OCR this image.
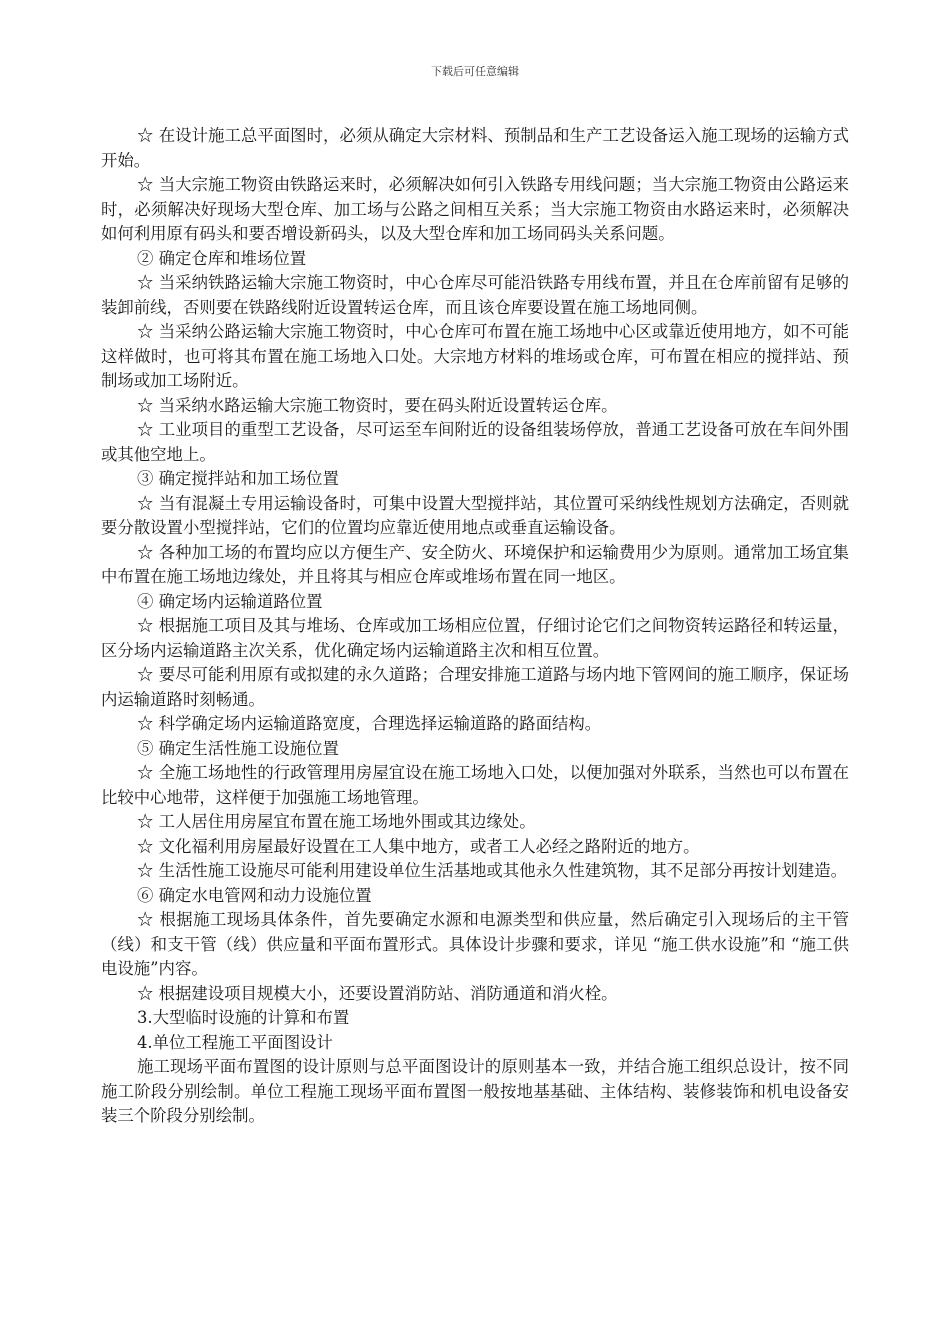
下载后可任意编辑

☆ 在设计施工总平面图时，必须从确定大宗材料、预制品和生产工艺设备运入施工现场的运输方式开始。

☆ 当大宗施工物资由铁路运来时，必须解决如何引入铁路专用线问题；当大宗施工物资由公路运来时，必须解决好现场大型仓库、加工场与公路之间相互关系；当大宗施工物资由水路运来时，必须解决如何利用原有码头和要否增设新码头，以及大型仓库和加工场同码头关系问题。

② 确定仓库和堆场位置

☆ 当采纳铁路运输大宗施工物资时，中心仓库尽可能沿铁路专用线布置，并且在仓库前留有足够的装卸前线，否则要在铁路线附近设置转运仓库，而且该仓库要设置在施工场地同侧。

☆ 当采纳公路运输大宗施工物资时，中心仓库可布置在施工场地中心区或靠近使用地方，如不可能这样做时，也可将其布置在施工场地入口处。大宗地方材料的堆场或仓库，可布置在相应的搅拌站、预制场或加工场附近。

☆ 当采纳水路运输大宗施工物资时，要在码头附近设置转运仓库。

☆ 工业项目的重型工艺设备，尽可运至车间附近的设备组装场停放，普通工艺设备可放在车间外围或其他空地上。

③ 确定搅拌站和加工场位置

☆ 当有混凝土专用运输设备时，可集中设置大型搅拌站，其位置可采纳线性规划方法确定，否则就要分散设置小型搅拌站，它们的位置均应靠近使用地点或垂直运输设备。

☆ 各种加工场的布置均应以方便生产、安全防火、环境保护和运输费用少为原则。通常加工场宜集中布置在施工场地边缘处，并且将其与相应仓库或堆场布置在同一地区。

④ 确定场内运输道路位置

☆ 根据施工项目及其与堆场、仓库或加工场相应位置，仔细讨论它们之间物资转运路径和转运量，区分场内运输道路主次关系，优化确定场内运输道路主次和相互位置。

☆ 要尽可能利用原有或拟建的永久道路；合理安排施工道路与场内地下管网间的施工顺序，保证场内运输道路时刻畅通。

☆ 科学确定场内运输道路宽度，合理选择运输道路的路面结构。

⑤ 确定生活性施工设施位置

☆ 全施工场地性的行政管理用房屋宜设在施工场地入口处，以便加强对外联系，当然也可以布置在比较中心地带，这样便于加强施工场地管理。

☆ 工人居住用房屋宜布置在施工场地外围或其边缘处。

☆ 文化福利用房屋最好设置在工人集中地方，或者工人必经之路附近的地方。

☆ 生活性施工设施尽可能利用建设单位生活基地或其他永久性建筑物，其不足部分再按计划建造。

⑥ 确定水电管网和动力设施位置

☆ 根据施工现场具体条件，首先要确定水源和电源类型和供应量，然后确定引入现场后的主干管（线）和支干管（线）供应量和平面布置形式。具体设计步骤和要求，详见 “施工供水设施”和 “施工供电设施”内容。

☆ 根据建设项目规模大小，还要设置消防站、消防通道和消火栓。

3.大型临时设施的计算和布置

4.单位工程施工平面图设计

施工现场平面布置图的设计原则与总平面图设计的原则基本一致，并结合施工组织总设计，按不同施工阶段分别绘制。单位工程施工现场平面布置图一般按地基基础、主体结构、装修装饰和机电设备安装三个阶段分别绘制。
